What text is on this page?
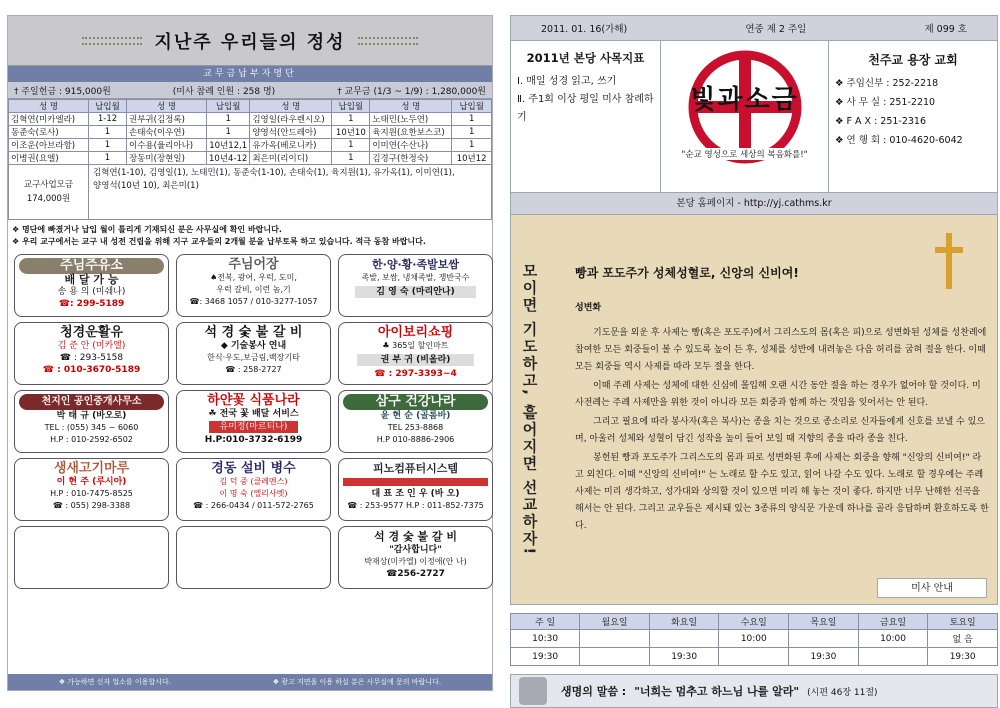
지난주 우리들의 정성
교무금납부자명단
† 주일헌금 : 915,000원	(미사 참례 인원 : 258 명)	† 교무금 (1/3 ~ 1/9) : 1,280,000원
성 명	납입월	성 명	납입월	성 명	납입월	성 명	납입월
김혁연(미카엘라)	1-12	권부귀(김정록)	1	김영일(라우렌시오)	1	노태민(노두연)	1
동준숙(로사)	1	손태숙(이우연)	1	양영석(안드레아)	10년10	육지원(요한보스코)	1
이조운(아브라함)	1	이수용(율리아나)	10년12,1	유가옥(베로니카)	1	이미연(수산나)	1
이병권(요엘)	1	장동미(장현일)	10년4-12	최은미(리이디)	1	김경구(한정숙)	10년12
교구사업모금
174,000원
김혁연(1-10), 김영일(1), 노태민(1), 동준숙(1-10), 손태숙(1), 육지원(1), 유가옥(1), 이미연(1),
양영석(10년 10), 최은미(1)
❖ 명단에 빠졌거나 납입 월이 틀리게 기재되신 분은 사무실에 확인 바랍니다.
❖ 우리 교구에서는 교구 내 성전 건립을 위해 지구 교우들의 2개월 분을 납부토록 하고 있습니다. 적극 동참 바랍니다.
주님주유소
배 달 가 능
송 용 의 (미쉐나)
☎: 299-5189
주님어장
♠전복, 광어, 우럭, 도미,
우럭 갈비, 이런 놈,기
☎: 3468 1057 / 010-3277-1057
한·양·황·족발보쌈
족발, 보쌈, 냉채족발, 쟁반국수
김 영 숙 (마리안나)
청경운활유
김 준 안 (미카엘)
☎ : 293-5158
☎ : 010-3670-5189
석 경 숯 불 갈 비
◆ 기술봉사 연내
한식·우도,보금림,백장기타
☎ : 258-2727
아이보리쇼핑
♣ 365일 할인마트
권 부 귀 (비올라)
☎ : 297-3393~4
천지인 공인중개사무소
박 태 규 (바오로)
TEL : (055) 345 ~ 6060
H.P : 010-2592-6502
하얀꽃 식품나라
☘ 전국 꽃 배달 서비스
유미정(마르티나)
H.P:010-3732-6199
삼구 건강나라
윤 현 순 (골롬바)
TEL 253-8868
H.P 010-8886-2906
생새고기마루
이 현 주 (루시아)
H.P : 010-7475-8525
☎ : 055) 298-3388
경동 설비 병수
김 덕 중 (클레멘스)
이 명 숙 (엘리사벳)
☎ : 266-0434 / 011-572-2765
피노컴퓨터시스템
대 표 조 인 우 (바 오)
☎ : 253-9577 H.P : 011-852-7375
석 경 숯 불 갈 비
"감사합니다"
박재상(미카엘) 이정애(안 나)
☎256-2727
❖ 가능하면 신자 업소를 이용합시다.	❖ 광고 지면을 이용 하실 분은 사무실에 문의 바랍니다.
2011. 01. 16(가해)	연중 제 2 주일	제 099 호
2011년 본당 사목지표
Ⅰ. 매일 성경 읽고, 쓰기
Ⅱ. 주1회 이상 평일 미사 참례하기
빛과소금
"순교 영성으로 세상의 복음화를!"
천주교 용장 교회
❖ 주임신부 : 252-2218
❖ 사 무 실 : 251-2210
❖ F A X : 251-2316
❖ 연 행 회 : 010-4620-6042
본당 홈페이지 - http://yj.cathms.kr
모이면 기도하고, 흩어지면 선교하자!	빵과 포도주가 성체성혈로, 신앙의 신비여!
성변화

기도문을 외운 후 사제는 빵(혹은 포도주)에서 그리스도의 몸(혹은 피)으로 성변화된 성체를 성찬례에 참여한 모든 회중들이 볼 수 있도록 높이 든 후, 성체를 성반에 내려놓은 다음 허리를 굽혀 절을 한다. 이때 모든 회중들 역시 사제를 따라 모두 절을 한다.

이때 주례 사제는 성체에 대한 신심에 몰입해 오랜 시간 동안 절을 하는 경우가 없어야 할 것이다. 미사전례는 주례 사제만을 위한 것이 아니라 모든 회중과 함께 하는 것임을 잊어서는 안 된다.

그리고 필요에 따라 봉사자(혹은 복사)는 종을 치는 것으로 종소리로 신자들에게 신호를 보낼 수 있으며, 아울러 성체와 성혈이 담긴 성작을 높이 들어 보일 때 지향의 종을 따라 종을 친다.

봉헌된 빵과 포도주가 그리스도의 몸과 피로 성변화된 후에 사제는 회중을 향해 "신앙의 신비여!" 라고 외친다. 이때 "신앙의 신비여!" 는 노래로 할 수도 있고, 읽어 나갈 수도 있다. 노래로 할 경우에는 주례사제는 미리 생각하고, 성가대와 상의할 것이 있으면 미리 해 놓는 것이 좋다. 하지만 너무 난해한 선곡을 해서는 안 된다. 그리고 교우들은 제시돼 있는 3종류의 양식문 가운데 하나를 골라 응답하며 환호하도록 한다.

미사 안내
주 일	월요일	화요일	수요일	목요일	금요일	토요일
10:30			10:00		10:00	없 음
19:30		19:30		19:30		19:30
생명의 말씀 : "너희는 멈추고 하느님 나를 알라" (시편 46장 11절)
